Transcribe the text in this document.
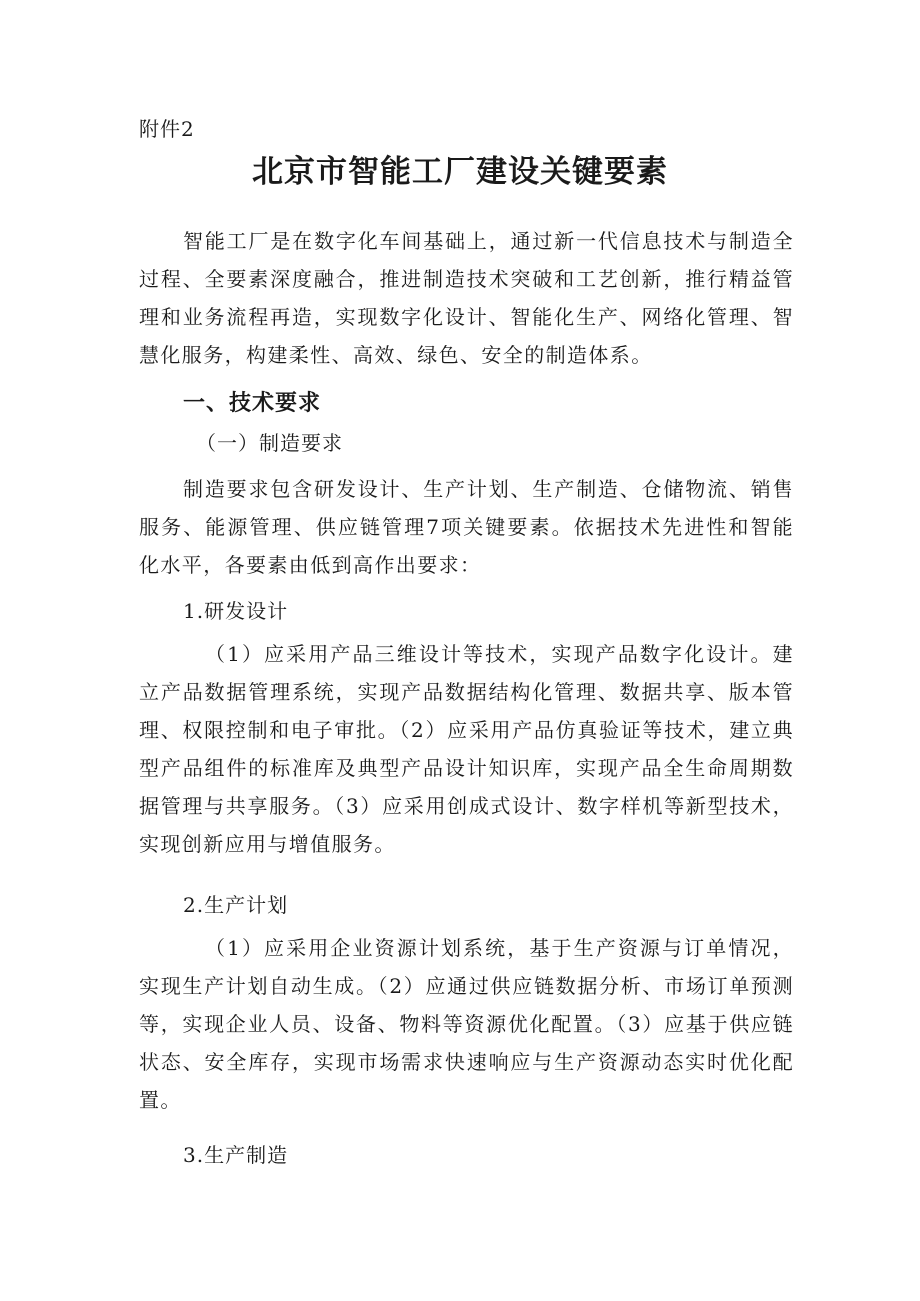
附件2
北京市智能工厂建设关键要素

智能工厂是在数字化车间基础上，通过新一代信息技术与制造全过程、全要素深度融合，推进制造技术突破和工艺创新，推行精益管理和业务流程再造，实现数字化设计、智能化生产、网络化管理、智慧化服务，构建柔性、高效、绿色、安全的制造体系。

一、技术要求
（一）制造要求

制造要求包含研发设计、生产计划、生产制造、仓储物流、销售服务、能源管理、供应链管理7项关键要素。依据技术先进性和智能化水平，各要素由低到高作出要求：

1.研发设计

（1）应采用产品三维设计等技术，实现产品数字化设计。建立产品数据管理系统，实现产品数据结构化管理、数据共享、版本管理、权限控制和电子审批。（2）应采用产品仿真验证等技术，建立典型产品组件的标准库及典型产品设计知识库，实现产品全生命周期数据管理与共享服务。（3）应采用创成式设计、数字样机等新型技术，实现创新应用与增值服务。

2.生产计划

（1）应采用企业资源计划系统，基于生产资源与订单情况，实现生产计划自动生成。（2）应通过供应链数据分析、市场订单预测等，实现企业人员、设备、物料等资源优化配置。（3）应基于供应链状态、安全库存，实现市场需求快速响应与生产资源动态实时优化配置。

3.生产制造
